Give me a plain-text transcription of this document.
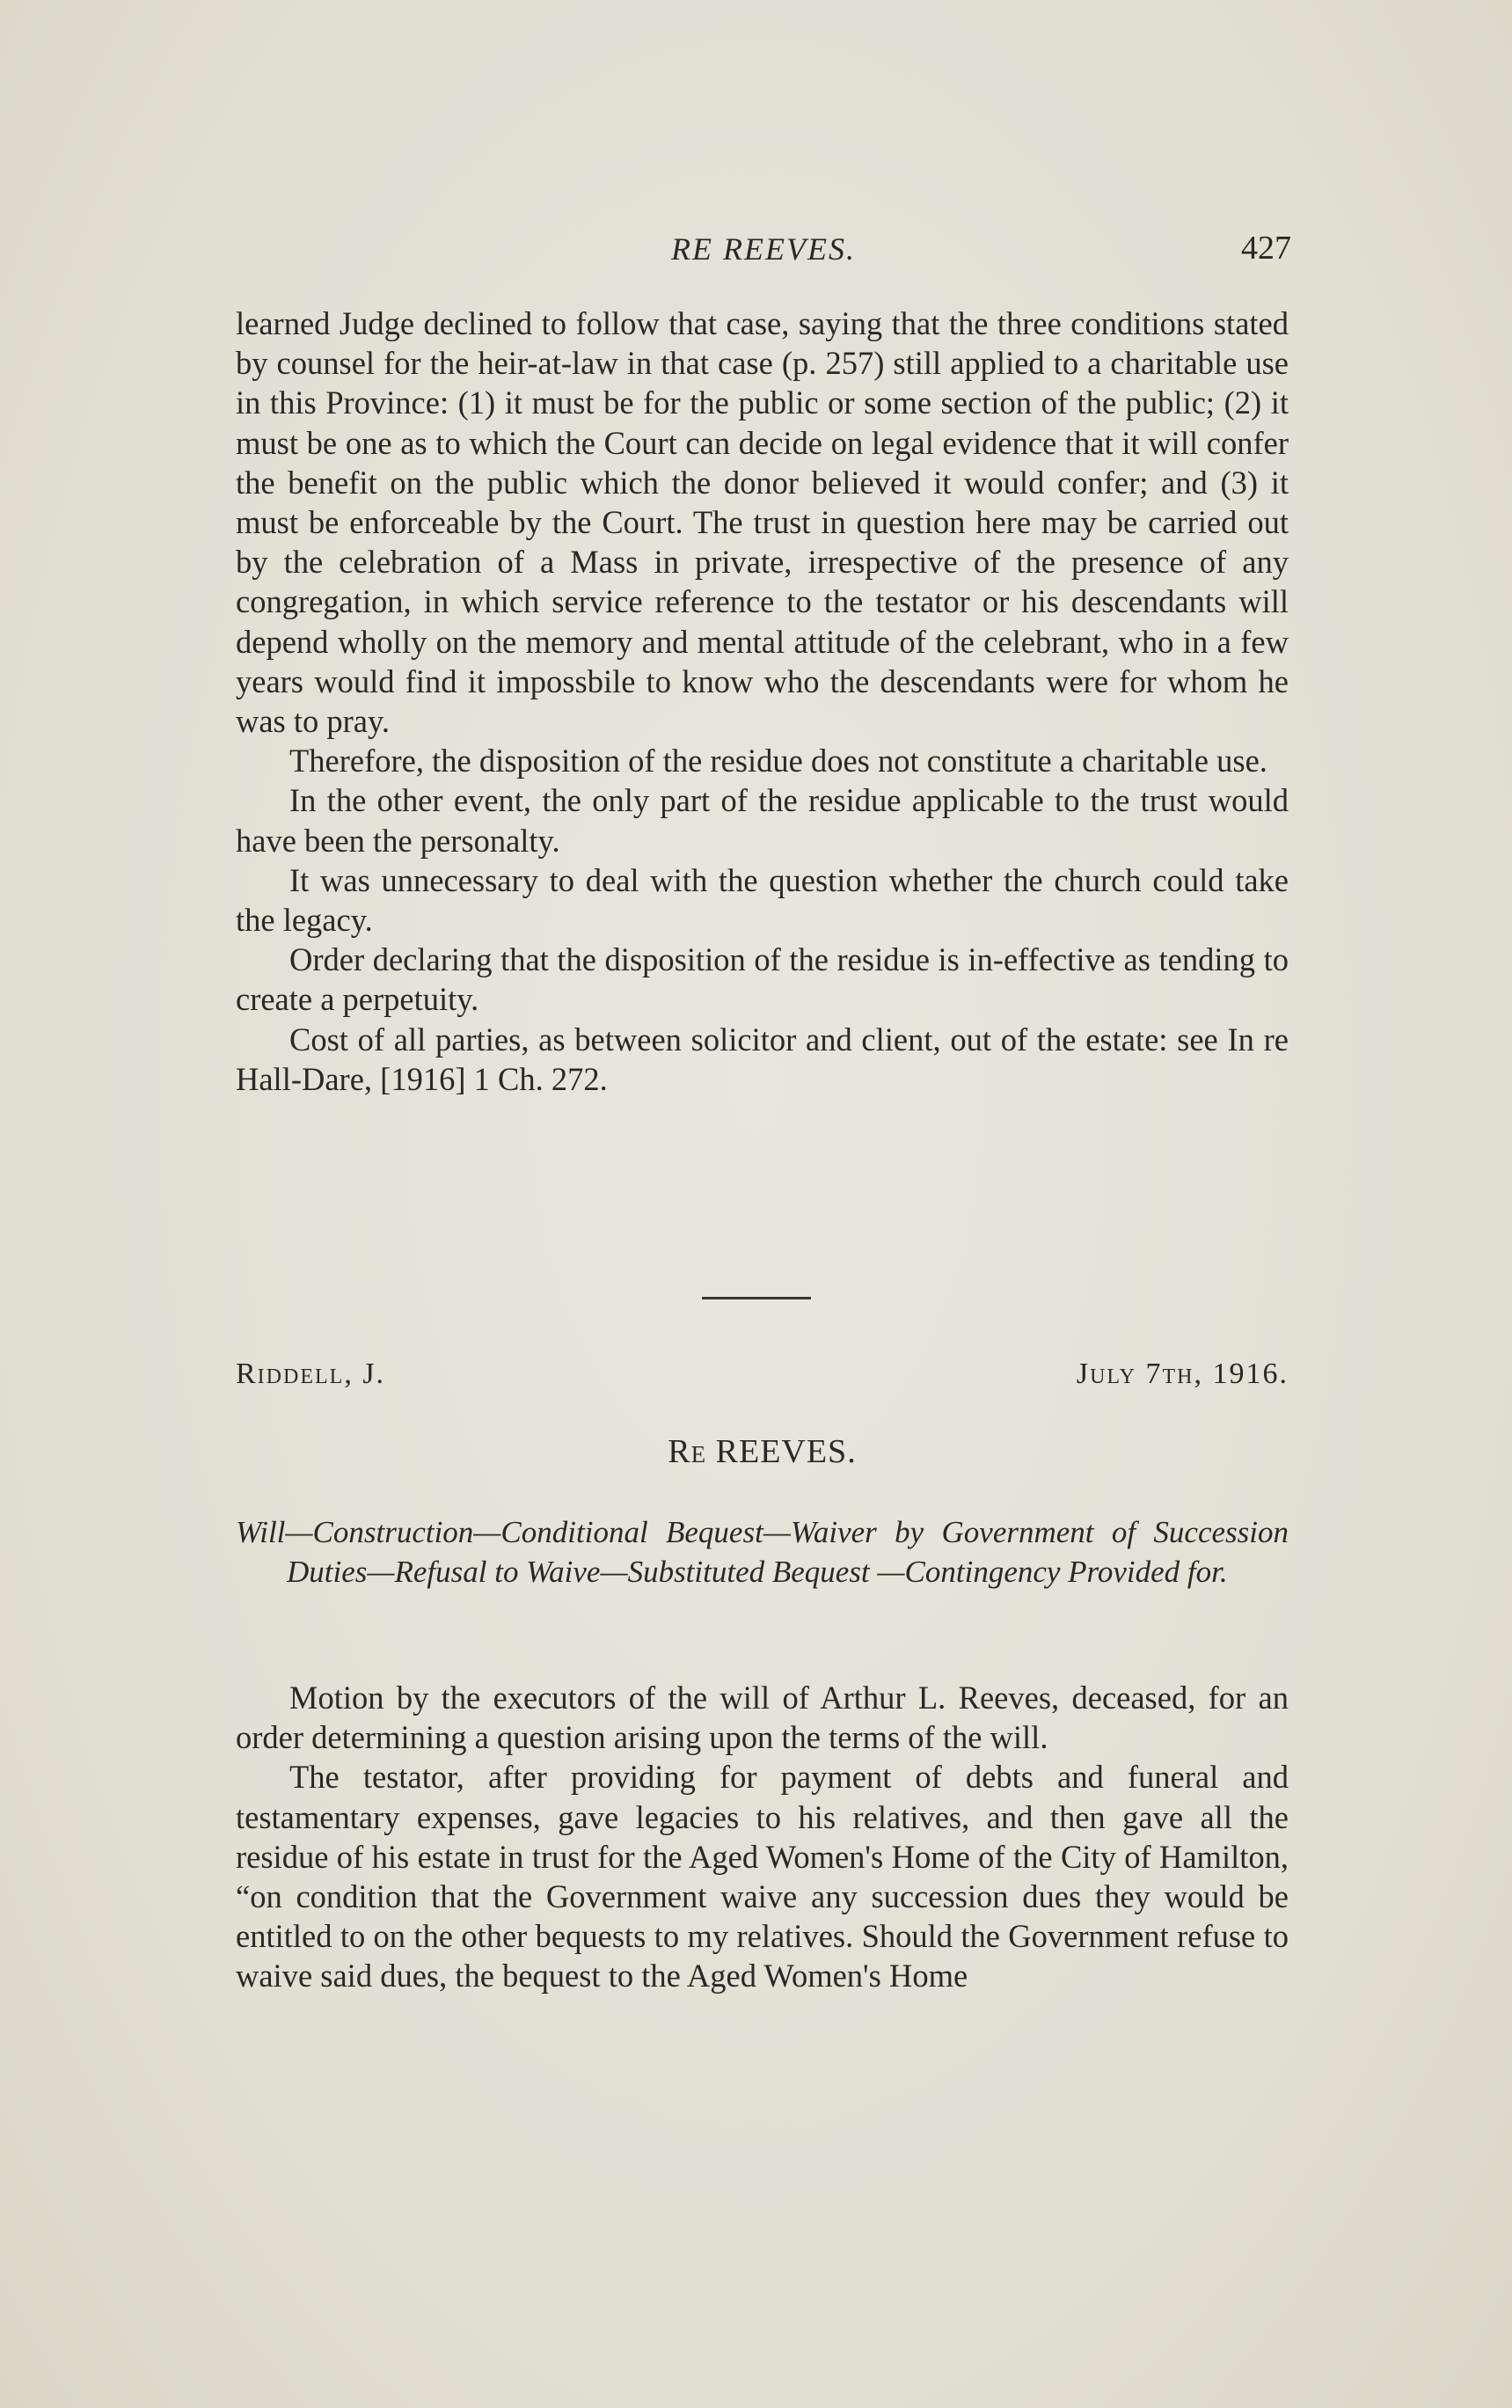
RE REEVES.	427

learned Judge declined to follow that case, saying that the three conditions stated by counsel for the heir-at-law in that case (p. 257) still applied to a charitable use in this Province: (1) it must be for the public or some section of the public; (2) it must be one as to which the Court can decide on legal evidence that it will confer the benefit on the public which the donor believed it would confer; and (3) it must be enforceable by the Court. The trust in question here may be carried out by the celebration of a Mass in private, irrespective of the presence of any congregation, in which service reference to the testator or his descendants will depend wholly on the memory and mental attitude of the celebrant, who in a few years would find it impossbile to know who the descendants were for whom he was to pray.

Therefore, the disposition of the residue does not constitute a charitable use.

In the other event, the only part of the residue applicable to the trust would have been the personalty.

It was unnecessary to deal with the question whether the church could take the legacy.

Order declaring that the disposition of the residue is in-effective as tending to create a perpetuity.

Cost of all parties, as between solicitor and client, out of the estate: see In re Hall-Dare, [1916] 1 Ch. 272.

Riddell, J.	July 7th, 1916.
Re REEVES.

Will—Construction—Conditional Bequest—Waiver by Government of Succession Duties—Refusal to Waive—Substituted Bequest —Contingency Provided for.

Motion by the executors of the will of Arthur L. Reeves, deceased, for an order determining a question arising upon the terms of the will.

The testator, after providing for payment of debts and funeral and testamentary expenses, gave legacies to his relatives, and then gave all the residue of his estate in trust for the Aged Women's Home of the City of Hamilton, “on condition that the Government waive any succession dues they would be entitled to on the other bequests to my relatives. Should the Government refuse to waive said dues, the bequest to the Aged Women's Home
